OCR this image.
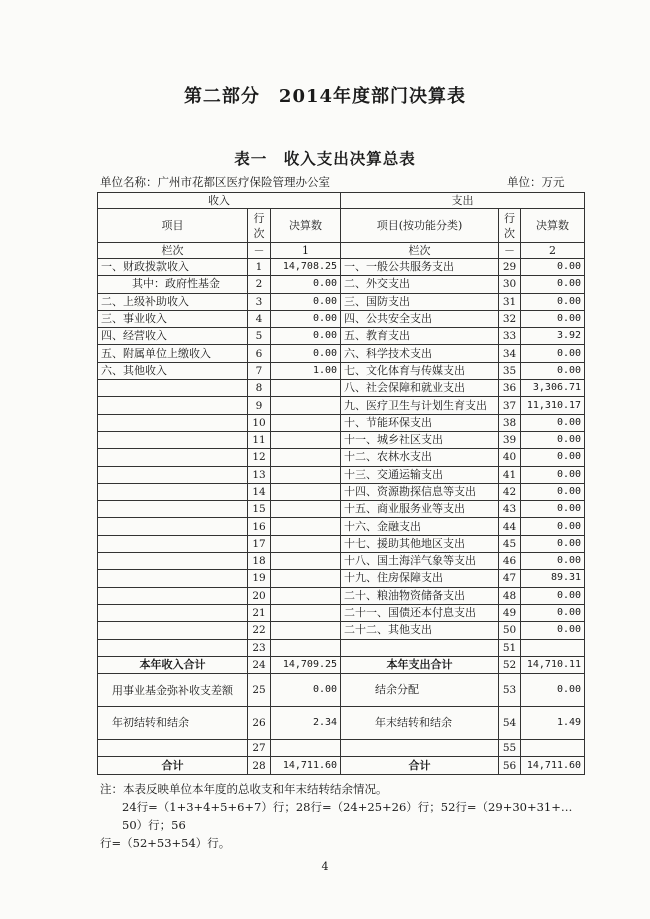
第二部分　2014年度部门决算表
表一　收入支出决算总表
单位名称：广州市花都区医疗保险管理办公室	单位：万元
收入			支出		
项目	行次	决算数	项目(按功能分类)	行次	决算数
栏次	－	1	栏次	－	2
一、财政拨款收入	1	14,708.25	一、一般公共服务支出	29	0.00
其中：政府性基金	2	0.00	二、外交支出	30	0.00
二、上级补助收入	3	0.00	三、国防支出	31	0.00
三、事业收入	4	0.00	四、公共安全支出	32	0.00
四、经营收入	5	0.00	五、教育支出	33	3.92
五、附属单位上缴收入	6	0.00	六、科学技术支出	34	0.00
六、其他收入	7	1.00	七、文化体育与传媒支出	35	0.00
	8		八、社会保障和就业支出	36	3,306.71
	9		九、医疗卫生与计划生育支出	37	11,310.17
	10		十、节能环保支出	38	0.00
	11		十一、城乡社区支出	39	0.00
	12		十二、农林水支出	40	0.00
	13		十三、交通运输支出	41	0.00
	14		十四、资源勘探信息等支出	42	0.00
	15		十五、商业服务业等支出	43	0.00
	16		十六、金融支出	44	0.00
	17		十七、援助其他地区支出	45	0.00
	18		十八、国土海洋气象等支出	46	0.00
	19		十九、住房保障支出	47	89.31
	20		二十、粮油物资储备支出	48	0.00
	21		二十一、国债还本付息支出	49	0.00
	22		二十二、其他支出	50	0.00
	23			51	
本年收入合计	24	14,709.25	本年支出合计	52	14,710.11
用事业基金弥补收支差额	25	0.00	结余分配	53	0.00
年初结转和结余	26	2.34	年末结转和结余	54	1.49
	27			55	
合计	28	14,711.60	合计	56	14,711.60
注：本表反映单位本年度的总收支和年末结转结余情况。
24行=（1+3+4+5+6+7）行；28行=（24+25+26）行；52行=（29+30+31+…50）行；56
行=（52+53+54）行。
4
